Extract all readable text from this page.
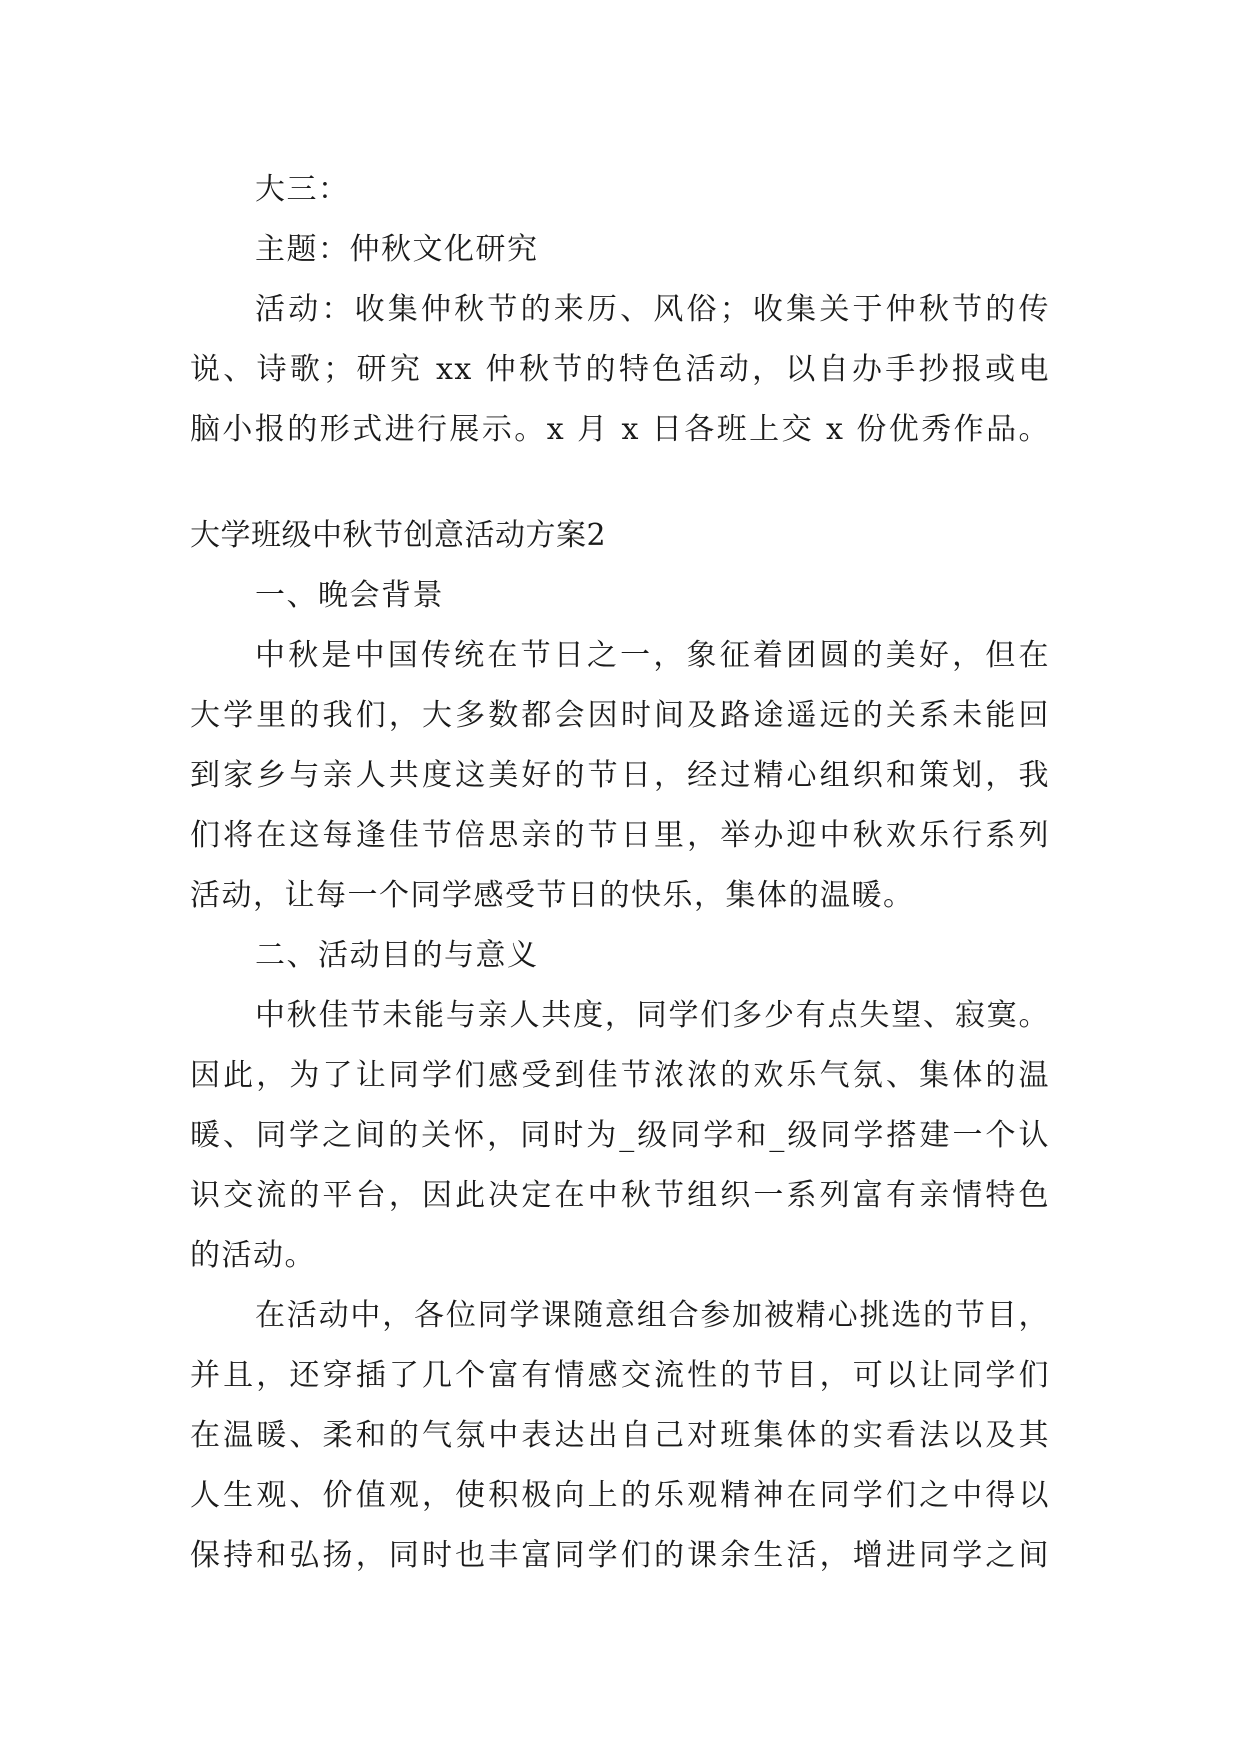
大三：
主题：仲秋文化研究
活动：收集仲秋节的来历、风俗；收集关于仲秋节的传
说、诗歌；研究 xx 仲秋节的特色活动，以自办手抄报或电
脑小报的形式进行展示。x 月 x 日各班上交 x 份优秀作品。
大学班级中秋节创意活动方案2
一、晚会背景
中秋是中国传统在节日之一，象征着团圆的美好，但在
大学里的我们，大多数都会因时间及路途遥远的关系未能回
到家乡与亲人共度这美好的节日，经过精心组织和策划，我
们将在这每逢佳节倍思亲的节日里，举办迎中秋欢乐行系列
活动，让每一个同学感受节日的快乐，集体的温暖。
二、活动目的与意义
中秋佳节未能与亲人共度，同学们多少有点失望、寂寞。
因此，为了让同学们感受到佳节浓浓的欢乐气氛、集体的温
暖、同学之间的关怀，同时为_级同学和_级同学搭建一个认
识交流的平台，因此决定在中秋节组织一系列富有亲情特色
的活动。
在活动中，各位同学课随意组合参加被精心挑选的节目，
并且，还穿插了几个富有情感交流性的节目，可以让同学们
在温暖、柔和的气氛中表达出自己对班集体的实看法以及其
人生观、价值观，使积极向上的乐观精神在同学们之中得以
保持和弘扬，同时也丰富同学们的课余生活，增进同学之间
